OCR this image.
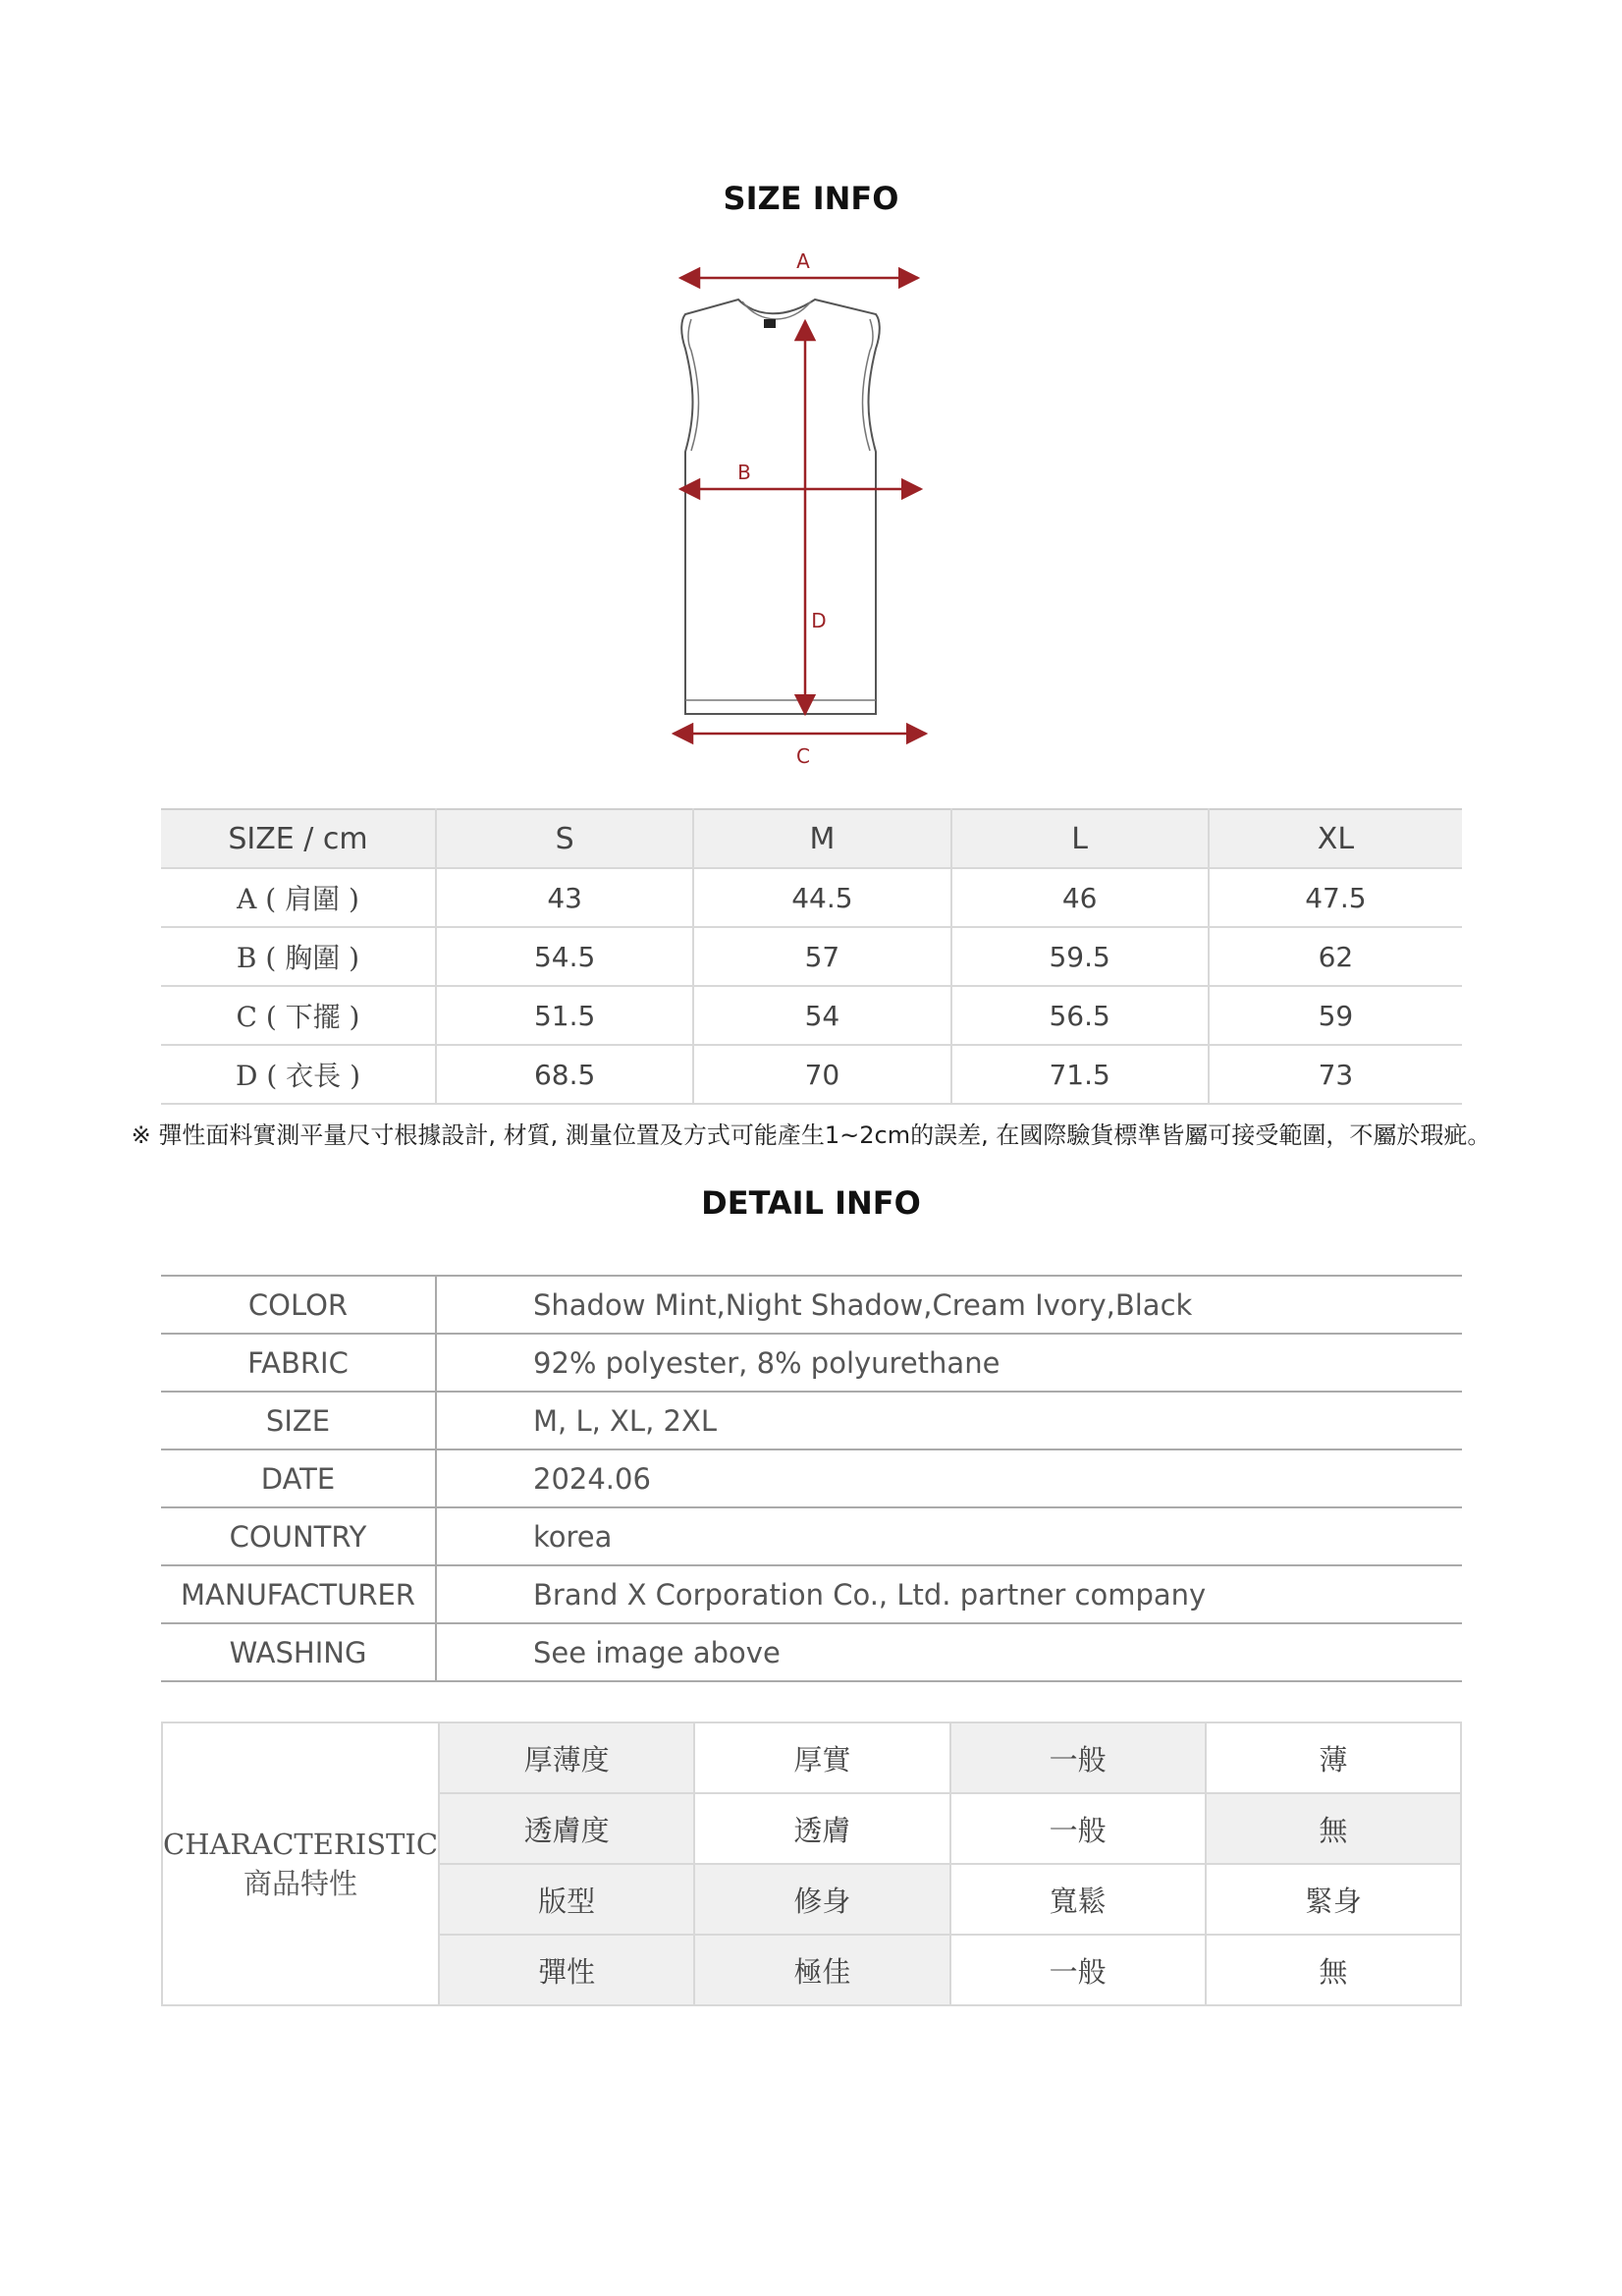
SIZE INFO
A
B
C
D
SIZE / cm	S	M	L	XL
A ( 肩圍 )	43	44.5	46	47.5
B ( 胸圍 )	54.5	57	59.5	62
C ( 下擺 )	51.5	54	56.5	59
D ( 衣長 )	68.5	70	71.5	73
※ 彈性面料實測平量尺寸根據設計, 材質, 測量位置及方式可能產生1~2cm的誤差, 在國際驗貨標準皆屬可接受範圍，不屬於瑕疵。
DETAIL INFO
COLOR	Shadow Mint,Night Shadow,Cream Ivory,Black
FABRIC	92% polyester, 8% polyurethane
SIZE	M, L, XL, 2XL
DATE	2024.06
COUNTRY	korea
MANUFACTURER	Brand X Corporation Co., Ltd. partner company
WASHING	See image above
CHARACTERISTIC
商品特性	厚薄度	厚實	一般	薄
	透膚度	透膚	一般	無
	版型	修身	寬鬆	緊身
	彈性	極佳	一般	無
